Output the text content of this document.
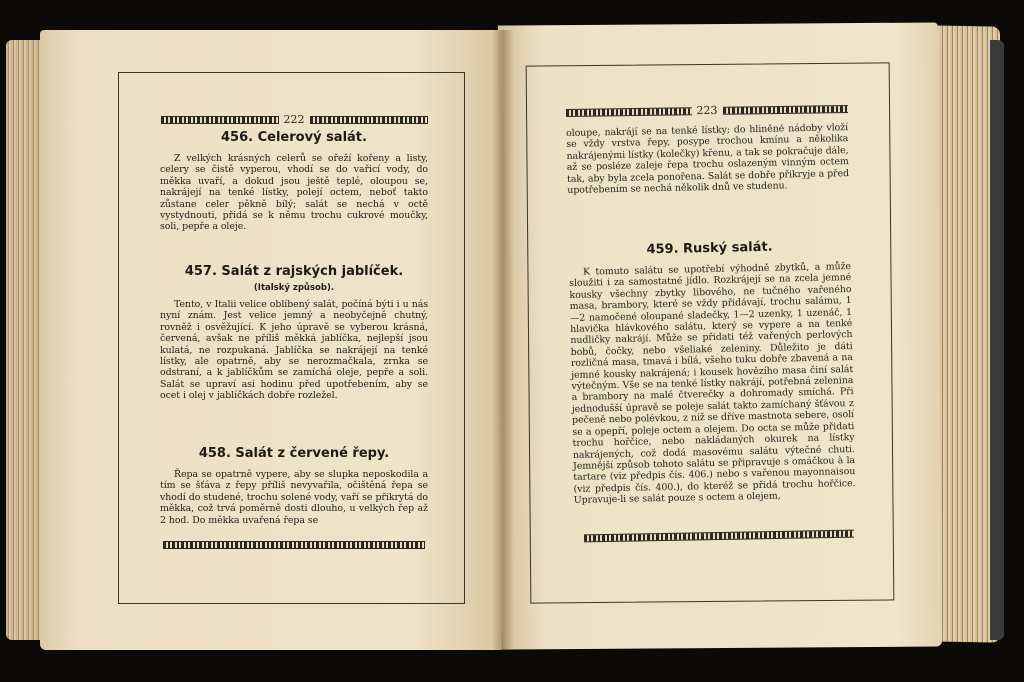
222
223
456. Celerový salát.

Z velkých krásných celerů se ořeží kořeny a listy, celery se čistě vyperou, vhodí se do vařicí vody, do měkka uvaří, a dokud jsou ještě teplé, oloupou se, nakrájejí na tenké lístky, polejí octem, neboť takto zůstane celer pěkně bílý; salát se nechá v octě vystydnouti, přidá se k němu trochu cukrové moučky, soli, pepře a oleje.

457. Salát z rajských jablíček.
(Italský způsob).

Tento, v Italii velice oblíbený salát, počíná býti i u nás nyní znám. Jest velice jemný a neobyčejně chutný, rovněž i osvěžující. K jeho úpravě se vyberou krásná, červená, avšak ne příliš měkká jablíčka, nejlepší jsou kulatá, ne rozpukaná. Jablíčka se nakrájejí na tenké lístky, ale opatrně, aby se nerozmačkala, zrnka se odstraní, a k jablíčkům se zamíchá oleje, pepře a soli. Salát se upraví asi hodinu před upotřebením, aby se ocet i olej v jablíčkách dobře rozležel.

458. Salát z červené řepy.

Řepa se opatrně vypere, aby se slupka neposkodila a tím se šťáva z řepy příliš nevyvařila, očištěná řepa se vhodí do studené, trochu solené vody, vaří se přikrytá do měkka, což trvá poměrně dosti dlouho, u velkých řep až 2 hod. Do měkka uvařená řepa se

oloupe, nakrájí se na tenké lístky; do hliněné nádoby vloží se vždy vrstva řepy, posype trochou kmínu a několika nakrájenými lístky (kolečky) křenu, a tak se pokračuje dále, až se posléze zaleje řepa trochu oslazeným vinným octem tak, aby byla zcela ponořena. Salát se dobře přikryje a před upotřebením se nechá několik dnů ve studenu.

459. Ruský salát.

K tomuto salátu se upotřebí výhodně zbytků, a může sloužiti i za samostatné jídlo. Rozkrájejí se na zcela jemné kousky všechny zbytky libového, ne tučného vařeného masa, brambory, které se vždy přidávají, trochu salámu, 1—2 namočené oloupané sladečky, 1—2 uzenky, 1 uzenáč, 1 hlavička hlávkového salátu, který se vypere a na tenké nudličky nakrájí. Může se přidati též vařených perlových bobů, čočky, nebo všeliaké zeleniny. Důležito je dáti rozličná masa, tmavá i bílá, všeho tuku dobře zbavená a na jemné kousky nakrájená; i kousek hovězího masa činí salát výtečným. Vše se na tenké lístky nakrájí, potřebná zelenina a brambory na malé čtverečky a dohromady smíchá. Při jednodušší úpravě se poleje salát takto zamíchaný šťávou z pečeně nebo polévkou, z níž se dříve mastnota sebere, osolí se a opepří, poleje octem a olejem. Do octa se může přidati trochu hořčice, nebo nakládaných okurek na lístky nakrájených, což dodá masovému salátu výtečné chuti. Jemnější způsob tohoto salátu se připravuje s omáčkou à la tartare (viz předpis čís. 406.) nebo s vařenou mayonnaisou (viz předpis čís. 400.), do kteréž se přidá trochu hořčice. Upravuje-li se salát pouze s octem a olejem,
